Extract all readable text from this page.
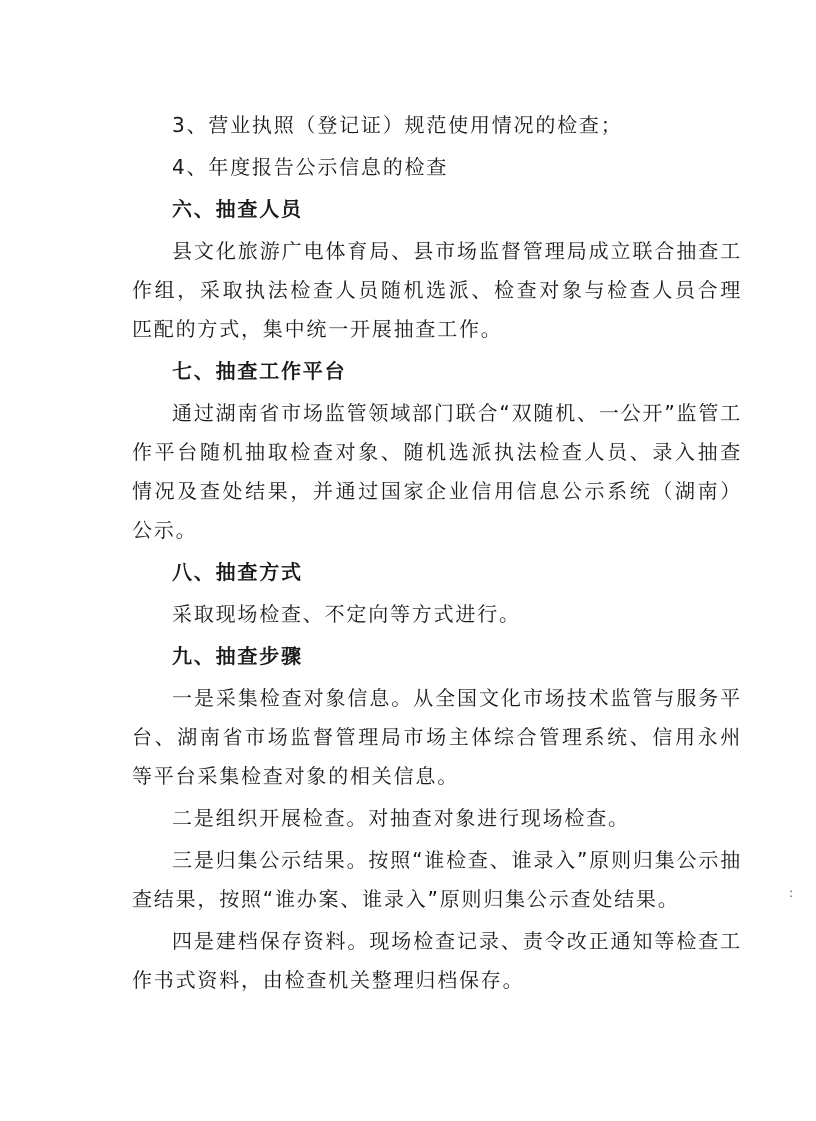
3、营业执照（登记证）规范使用情况的检查；

4、年度报告公示信息的检查

六、抽查人员

县文化旅游广电体育局、县市场监督管理局成立联合抽查工作组，采取执法检查人员随机选派、检查对象与检查人员合理匹配的方式，集中统一开展抽查工作。

七、抽查工作平台

通过湖南省市场监管领域部门联合“双随机、一公开”监管工作平台随机抽取检查对象、随机选派执法检查人员、录入抽查情况及查处结果，并通过国家企业信用信息公示系统（湖南）公示。

八、抽查方式

采取现场检查、不定向等方式进行。

九、抽查步骤

一是采集检查对象信息。从全国文化市场技术监管与服务平台、湖南省市场监督管理局市场主体综合管理系统、信用永州等平台采集检查对象的相关信息。

二是组织开展检查。对抽查对象进行现场检查。

三是归集公示结果。按照“谁检查、谁录入”原则归集公示抽查结果，按照“谁办案、谁录入”原则归集公示查处结果。

四是建档保存资料。现场检查记录、责令改正通知等检查工作书式资料，由检查机关整理归档保存。

:
